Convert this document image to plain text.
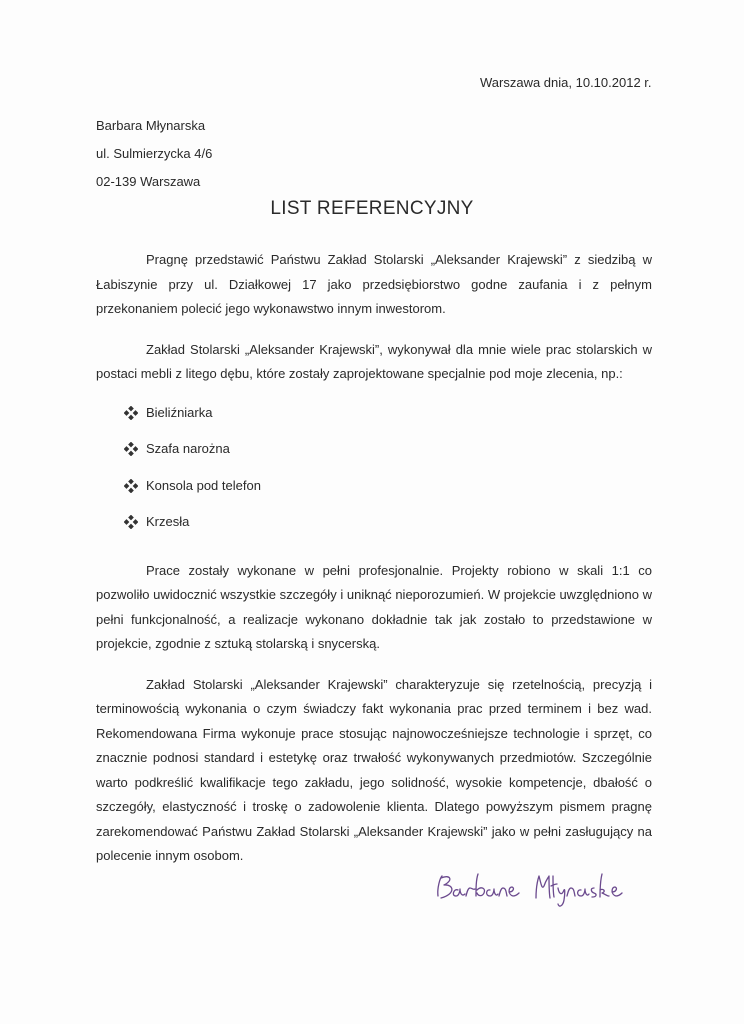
Warszawa dnia, 10.10.2012 r.
Barbara Młynarska
ul. Sulmierzycka 4/6
02-139 Warszawa
LIST REFERENCYJNY

Pragnę przedstawić Państwu Zakład Stolarski „Aleksander Krajewski” z siedzibą w Łabiszynie przy ul. Działkowej 17 jako przedsiębiorstwo godne zaufania i z pełnym przekonaniem polecić jego wykonawstwo innym inwestorom.

Zakład Stolarski „Aleksander Krajewski”, wykonywał dla mnie wiele prac stolarskich w postaci mebli z litego dębu, które zostały zaprojektowane specjalnie pod moje zlecenia, np.:

Bieliźniarka
Szafa narożna
Konsola pod telefon
Krzesła

Prace zostały wykonane w pełni profesjonalnie. Projekty robiono w skali 1:1 co pozwoliło uwidocznić wszystkie szczegóły i uniknąć nieporozumień. W projekcie uwzględniono w pełni funkcjonalność, a realizacje wykonano dokładnie tak jak zostało to przedstawione w projekcie, zgodnie z sztuką stolarską i snycerską.

Zakład Stolarski „Aleksander Krajewski” charakteryzuje się rzetelnością, precyzją i terminowością wykonania o czym świadczy fakt wykonania prac przed terminem i bez wad. Rekomendowana Firma wykonuje prace stosując najnowocześniejsze technologie i sprzęt, co znacznie podnosi standard i estetykę oraz trwałość wykonywanych przedmiotów. Szczególnie warto podkreślić kwalifikacje tego zakładu, jego solidność, wysokie kompetencje, dbałość o szczegóły, elastyczność i troskę o zadowolenie klienta. Dlatego powyższym pismem pragnę zarekomendować Państwu Zakład Stolarski „Aleksander Krajewski” jako w pełni zasługujący na polecenie innym osobom.
